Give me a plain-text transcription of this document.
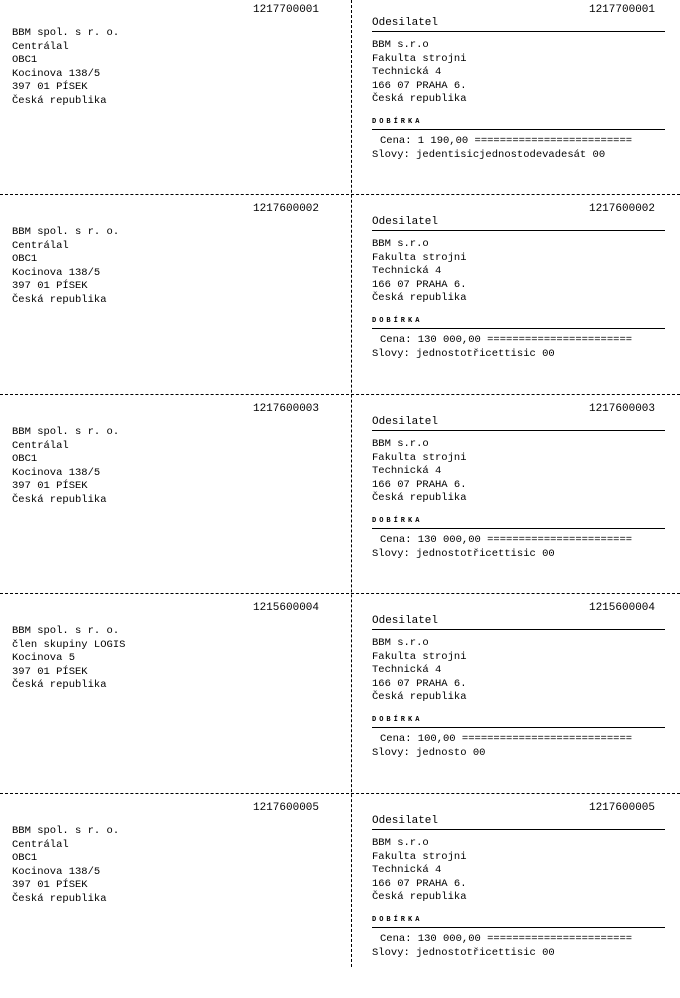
1217700001
BBM spol. s r. o.
Centrálal
OBC1
Kocinova 138/5
397 01 PÍSEK
Česká republika
1217700001
Odesilatel
BBM s.r.o
Fakulta strojni
Technická 4
166 07 PRAHA 6.
Česká republika
DOBÍRKA
Cena: 1 190,00 =========================
Slovy: jedentisicjednostodevadesát 00
1217600002
BBM spol. s r. o.
Centrálal
OBC1
Kocinova 138/5
397 01 PÍSEK
Česká republika
1217600002
Odesilatel
BBM s.r.o
Fakulta strojni
Technická 4
166 07 PRAHA 6.
Česká republika
DOBÍRKA
Cena: 130 000,00 =======================
Slovy: jednostotřicettisic 00
1217600003
BBM spol. s r. o.
Centrálal
OBC1
Kocinova 138/5
397 01 PÍSEK
Česká republika
1217600003
Odesilatel
BBM s.r.o
Fakulta strojni
Technická 4
166 07 PRAHA 6.
Česká republika
DOBÍRKA
Cena: 130 000,00 =======================
Slovy: jednostotřicettisic 00
1215600004
BBM spol. s r. o.
člen skupiny LOGIS
Kocinova 5
397 01 PÍSEK
Česká republika
1215600004
Odesilatel
BBM s.r.o
Fakulta strojni
Technická 4
166 07 PRAHA 6.
Česká republika
DOBÍRKA
Cena: 100,00 ===========================
Slovy: jednosto 00
1217600005
BBM spol. s r. o.
Centrálal
OBC1
Kocinova 138/5
397 01 PÍSEK
Česká republika
1217600005
Odesilatel
BBM s.r.o
Fakulta strojni
Technická 4
166 07 PRAHA 6.
Česká republika
DOBÍRKA
Cena: 130 000,00 =======================
Slovy: jednostotřicettisic 00
